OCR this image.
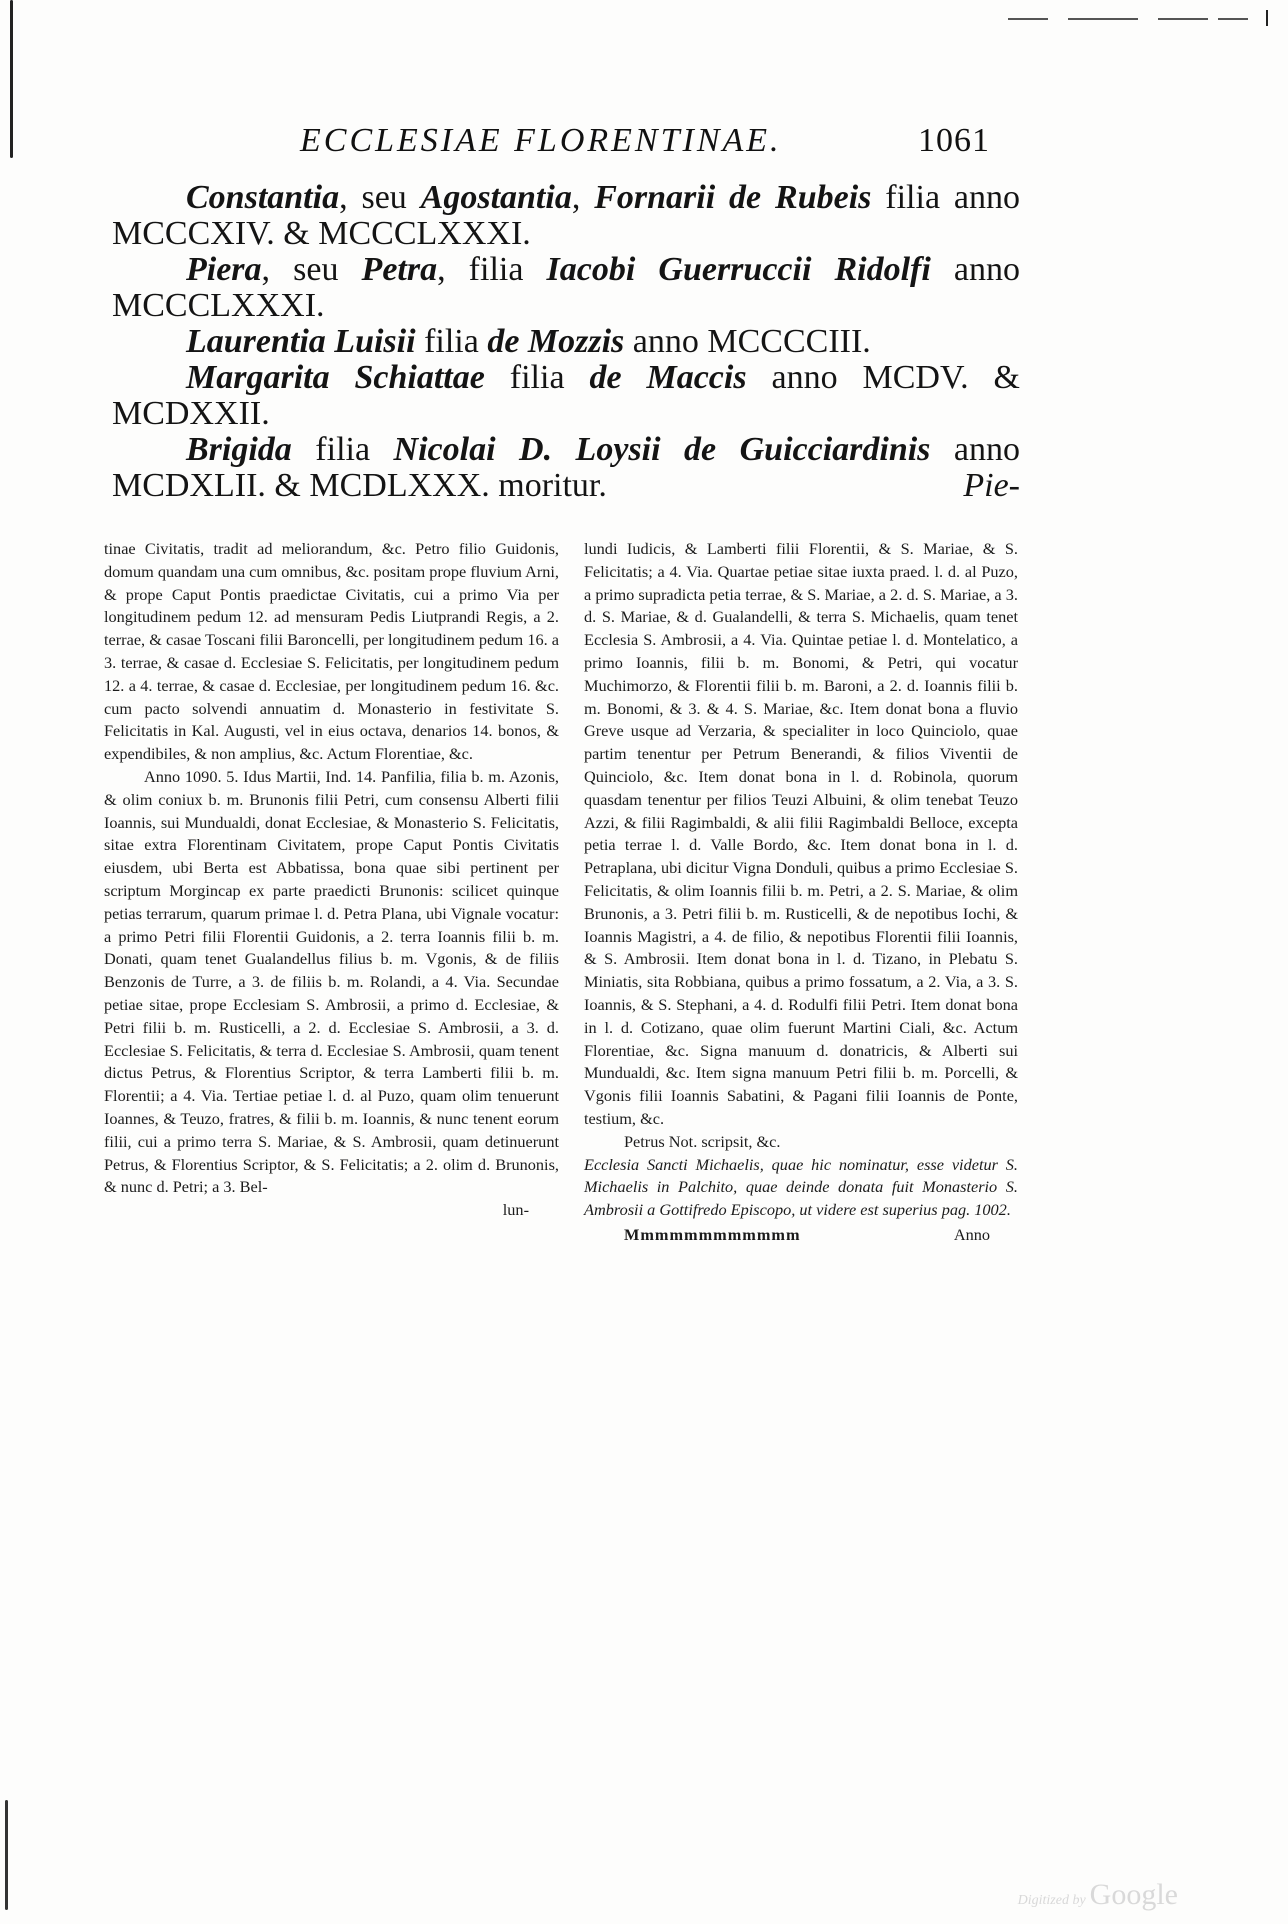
ECCLESIAE FLORENTINAE.	1061

Constantia, seu Agostantia, Fornarii de Rubeis filia anno MCCCXIV. & MCCCLXXXI.

Piera, seu Petra, filia Iacobi Guerruccii Ridolfi anno MCCCLXXXI.

Laurentia Luisii filia de Mozzis anno MCCCCIII.

Margarita Schiattae filia de Maccis anno MCDV. & MCDXXII.

Brigida filia Nicolai D. Loysii de Guicciardinis anno MCDXLII. & MCDLXXX. moritur.	Pie-

tinae Civitatis, tradit ad meliorandum, &c. Petro filio Guidonis, domum quandam una cum omnibus, &c. positam prope fluvium Arni, & prope Caput Pontis praedictae Civitatis, cui a primo Via per longitudinem pedum 12. ad mensuram Pedis Liutprandi Regis, a 2. terrae, & casae Toscani filii Baroncelli, per longitudinem pedum 16. a 3. terrae, & casae d. Ecclesiae S. Felicitatis, per longitudinem pedum 12. a 4. terrae, & casae d. Ecclesiae, per longitudinem pedum 16. &c. cum pacto solvendi annuatim d. Monasterio in festivitate S. Felicitatis in Kal. Augusti, vel in eius octava, denarios 14. bonos, & expendibiles, & non amplius, &c. Actum Florentiae, &c.

Anno 1090. 5. Idus Martii, Ind. 14. Panfilia, filia b. m. Azonis, & olim coniux b. m. Brunonis filii Petri, cum consensu Alberti filii Ioannis, sui Mundualdi, donat Ecclesiae, & Monasterio S. Felicitatis, sitae extra Florentinam Civitatem, prope Caput Pontis Civitatis eiusdem, ubi Berta est Abbatissa, bona quae sibi pertinent per scriptum Morgincap ex parte praedicti Brunonis: scilicet quinque petias terrarum, quarum primae l. d. Petra Plana, ubi Vignale vocatur: a primo Petri filii Florentii Guidonis, a 2. terra Ioannis filii b. m. Donati, quam tenet Gualandellus filius b. m. Vgonis, & de filiis Benzonis de Turre, a 3. de filiis b. m. Rolandi, a 4. Via. Secundae petiae sitae, prope Ecclesiam S. Ambrosii, a primo d. Ecclesiae, & Petri filii b. m. Rusticelli, a 2. d. Ecclesiae S. Ambrosii, a 3. d. Ecclesiae S. Felicitatis, & terra d. Ecclesiae S. Ambrosii, quam tenent dictus Petrus, & Florentius Scriptor, & terra Lamberti filii b. m. Florentii; a 4. Via. Tertiae petiae l. d. al Puzo, quam olim tenuerunt Ioannes, & Teuzo, fratres, & filii b. m. Ioannis, & nunc tenent eorum filii, cui a primo terra S. Mariae, & S. Ambrosii, quam detinuerunt Petrus, & Florentius Scriptor, & S. Felicitatis; a 2. olim d. Brunonis, & nunc d. Petri; a 3. Bel-

lun-

lundi Iudicis, & Lamberti filii Florentii, & S. Mariae, & S. Felicitatis; a 4. Via. Quartae petiae sitae iuxta praed. l. d. al Puzo, a primo supradicta petia terrae, & S. Mariae, a 2. d. S. Mariae, a 3. d. S. Mariae, & d. Gualandelli, & terra S. Michaelis, quam tenet Ecclesia S. Ambrosii, a 4. Via. Quintae petiae l. d. Montelatico, a primo Ioannis, filii b. m. Bonomi, & Petri, qui vocatur Muchimorzo, & Florentii filii b. m. Baroni, a 2. d. Ioannis filii b. m. Bonomi, & 3. & 4. S. Mariae, &c. Item donat bona a fluvio Greve usque ad Verzaria, & specialiter in loco Quinciolo, quae partim tenentur per Petrum Benerandi, & filios Viventii de Quinciolo, &c. Item donat bona in l. d. Robinola, quorum quasdam tenentur per filios Teuzi Albuini, & olim tenebat Teuzo Azzi, & filii Ragimbaldi, & alii filii Ragimbaldi Belloce, excepta petia terrae l. d. Valle Bordo, &c. Item donat bona in l. d. Petraplana, ubi dicitur Vigna Donduli, quibus a primo Ecclesiae S. Felicitatis, & olim Ioannis filii b. m. Petri, a 2. S. Mariae, & olim Brunonis, a 3. Petri filii b. m. Rusticelli, & de nepotibus Iochi, & Ioannis Magistri, a 4. de filio, & nepotibus Florentii filii Ioannis, & S. Ambrosii. Item donat bona in l. d. Tizano, in Plebatu S. Miniatis, sita Robbiana, quibus a primo fossatum, a 2. Via, a 3. S. Ioannis, & S. Stephani, a 4. d. Rodulfi filii Petri. Item donat bona in l. d. Cotizano, quae olim fuerunt Martini Ciali, &c. Actum Florentiae, &c. Signa manuum d. donatricis, & Alberti sui Mundualdi, &c. Item signa manuum Petri filii b. m. Porcelli, & Vgonis filii Ioannis Sabatini, & Pagani filii Ioannis de Ponte, testium, &c.

Petrus Not. scripsit, &c.

Ecclesia Sancti Michaelis, quae hic nominatur, esse videtur S. Michaelis in Palchito, quae deinde donata fuit Monasterio S. Ambrosii a Gottifredo Episcopo, ut videre est superius pag. 1002.

Mmmmmmmmmmmm	Anno
Digitized by Google
